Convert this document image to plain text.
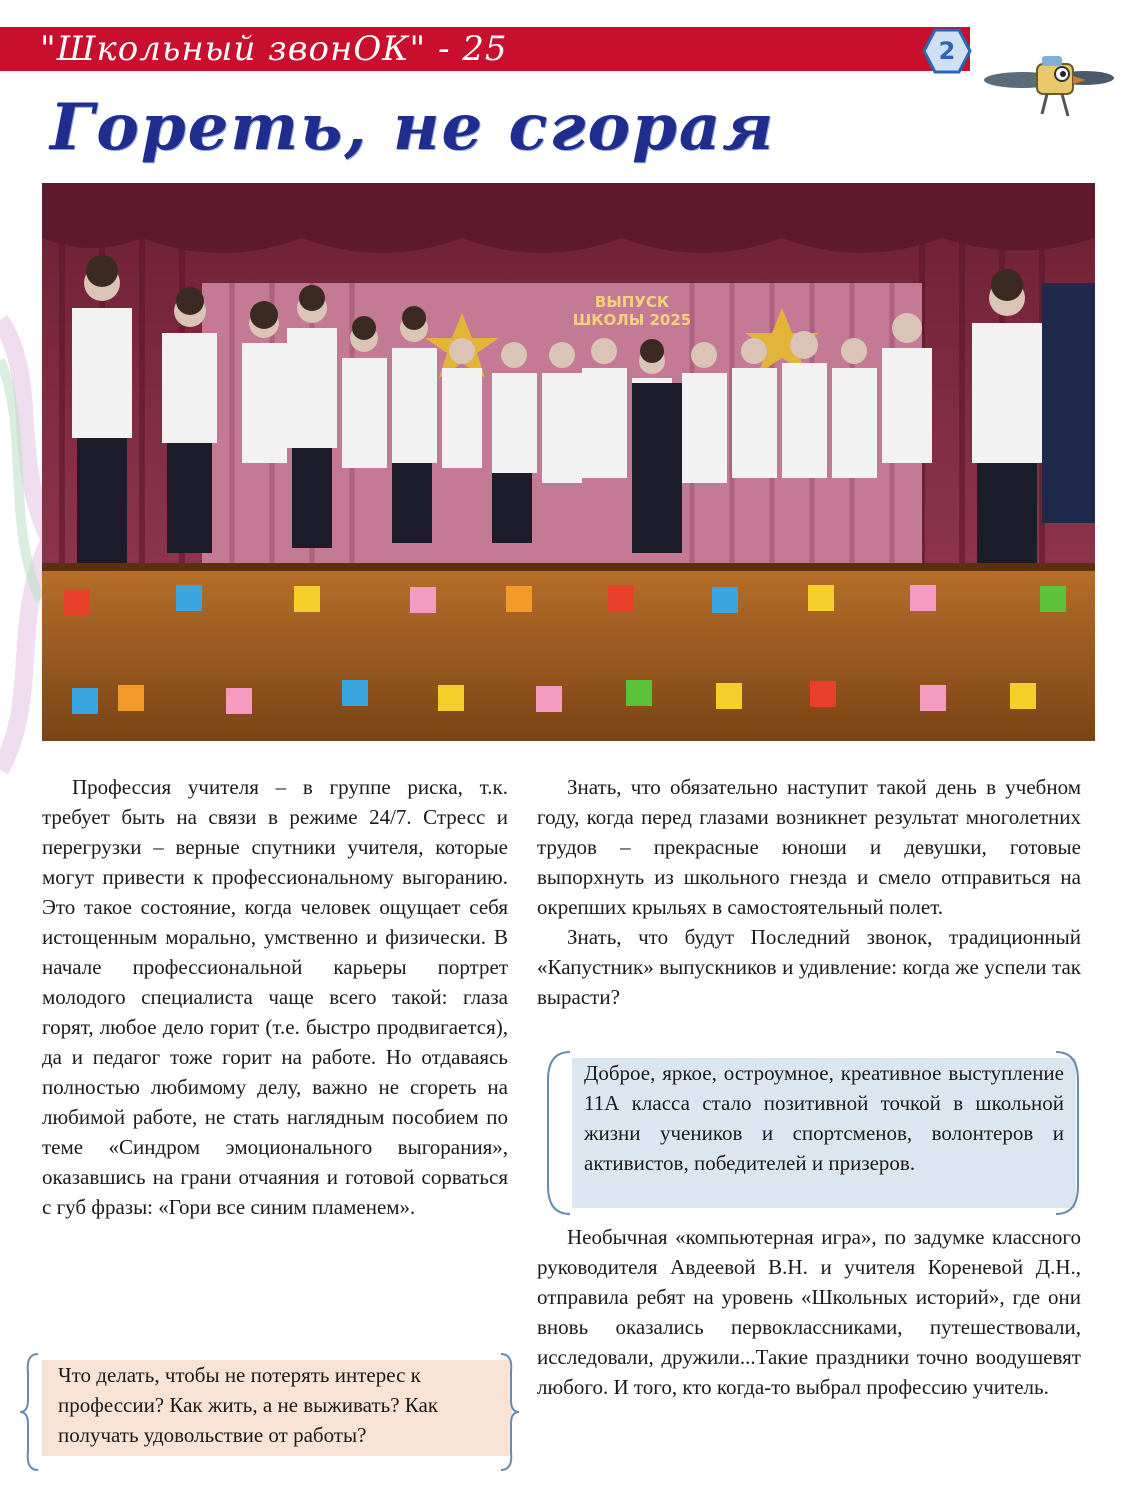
"Школьный звонОК" - 25	2
Гореть, не сгорая
ВЫПУСК ШКОЛЫ 2025

Профессия учителя – в группе риска, т.к. требует быть на связи в режиме 24/7. Стресс и перегрузки – верные спутники учителя, которые могут привести к профессиональному выгоранию. Это такое состояние, когда человек ощущает себя истощенным морально, умственно и физически. В начале профессиональной карьеры портрет молодого специалиста чаще всего такой: глаза горят, любое дело горит (т.е. быстро продвигается), да и педагог тоже горит на работе. Но отдаваясь полностью любимому делу, важно не сгореть на любимой работе, не стать наглядным пособием по теме «Синдром эмоционального выгорания», оказавшись на грани отчаяния и готовой сорваться с губ фразы: «Гори все синим пламенем».

Что делать, чтобы не потерять интерес к профессии? Как жить, а не выживать? Как получать удовольствие от работы?

Знать, что обязательно наступит такой день в учебном году, когда перед глазами возникнет результат многолетних трудов – прекрасные юноши и девушки, готовые выпорхнуть из школьного гнезда и смело отправиться на окрепших крыльях в самостоятельный полет.

Знать, что будут Последний звонок, традиционный «Капустник» выпускников и удивление: когда же успели так вырасти?

Доброе, яркое, остроумное, креативное выступление 11А класса стало позитивной точкой в школьной жизни учеников и спортсменов, волонтеров и активистов, победителей и призеров.

Необычная «компьютерная игра», по задумке классного руководителя Авдеевой В.Н. и учителя Кореневой Д.Н., отправила ребят на уровень «Школьных историй», где они вновь оказались первоклассниками, путешествовали, исследовали, дружили...Такие праздники точно воодушевят любого. И того, кто когда-то выбрал профессию учитель.
